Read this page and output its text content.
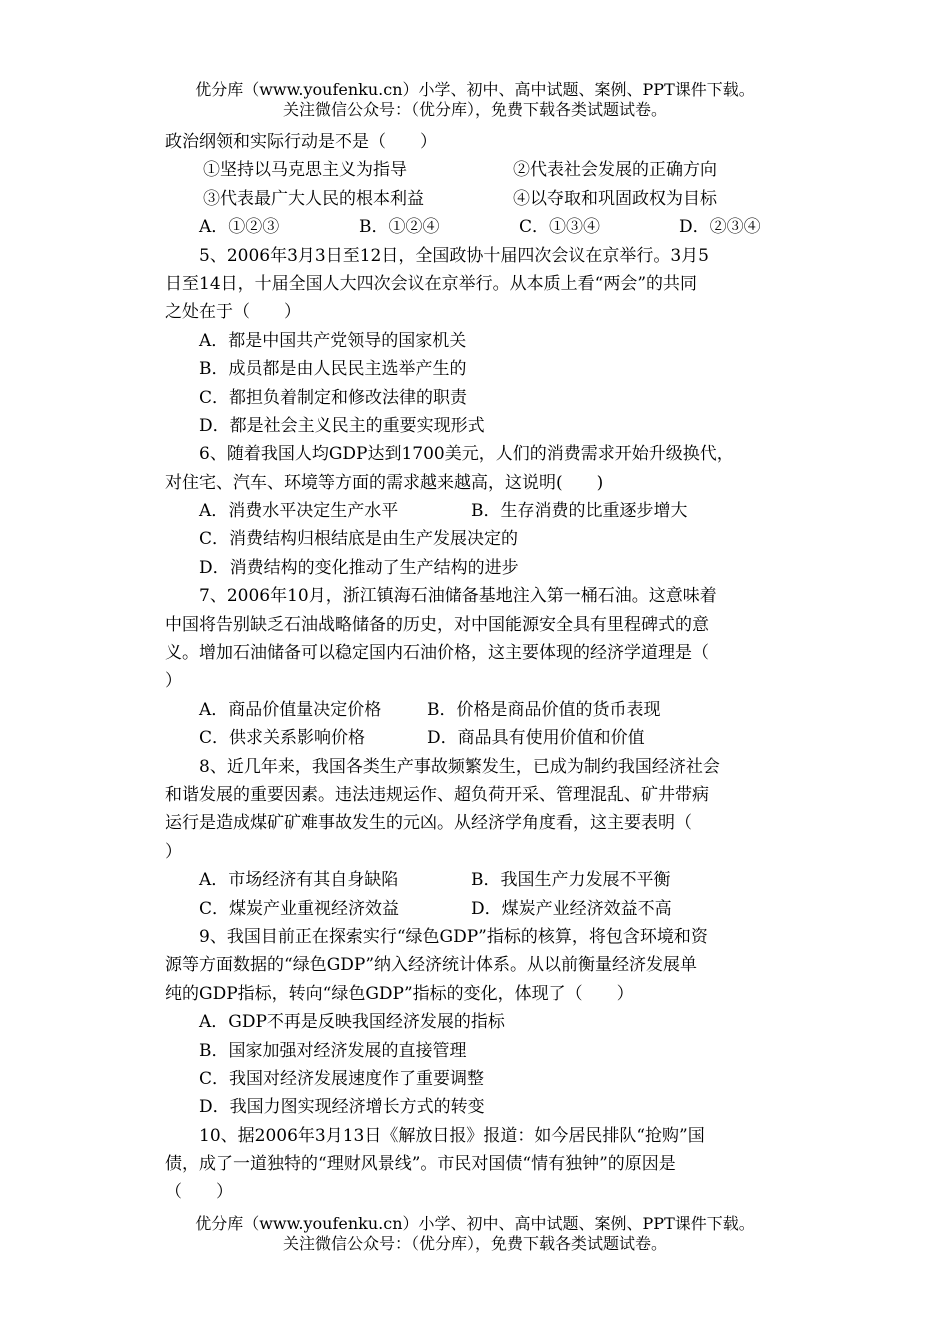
优分库（www.youfenku.cn）小学、初中、高中试题、案例、PPT课件下载。
关注微信公众号：（优分库），免费下载各类试题试卷。
政治纲领和实际行动是不是（　　）
①坚持以马克思主义为指导	②代表社会发展的正确方向
③代表最广大人民的根本利益	④以夺取和巩固政权为目标
A．①②③	B．①②④	C．①③④	D．②③④
5、2006年3月3日至12日，全国政协十届四次会议在京举行。3月5
日至14日，十届全国人大四次会议在京举行。从本质上看“两会”的共同
之处在于（　　）
A．都是中国共产党领导的国家机关
B．成员都是由人民民主选举产生的
C．都担负着制定和修改法律的职责
D．都是社会主义民主的重要实现形式
6、随着我国人均GDP达到1700美元，人们的消费需求开始升级换代，
对住宅、汽车、环境等方面的需求越来越高，这说明(　　)
A．消费水平决定生产水平	B．生存消费的比重逐步增大
C．消费结构归根结底是由生产发展决定的
D．消费结构的变化推动了生产结构的进步
7、2006年10月，浙江镇海石油储备基地注入第一桶石油。这意味着
中国将告别缺乏石油战略储备的历史，对中国能源安全具有里程碑式的意
义。增加石油储备可以稳定国内石油价格，这主要体现的经济学道理是（
）
A．商品价值量决定价格	B．价格是商品价值的货币表现
C．供求关系影响价格	D．商品具有使用价值和价值
8、近几年来，我国各类生产事故频繁发生，已成为制约我国经济社会
和谐发展的重要因素。违法违规运作、超负荷开采、管理混乱、矿井带病
运行是造成煤矿矿难事故发生的元凶。从经济学角度看，这主要表明（
）
A．市场经济有其自身缺陷	B．我国生产力发展不平衡
C．煤炭产业重视经济效益	D．煤炭产业经济效益不高
9、我国目前正在探索实行“绿色GDP”指标的核算，将包含环境和资
源等方面数据的“绿色GDP”纳入经济统计体系。从以前衡量经济发展单
纯的GDP指标，转向“绿色GDP”指标的变化，体现了（　　）
A．GDP不再是反映我国经济发展的指标
B．国家加强对经济发展的直接管理
C．我国对经济发展速度作了重要调整
D．我国力图实现经济增长方式的转变
10、据2006年3月13日《解放日报》报道：如今居民排队“抢购”国
债，成了一道独特的“理财风景线”。市民对国债“情有独钟”的原因是
（　　）
优分库（www.youfenku.cn）小学、初中、高中试题、案例、PPT课件下载。
关注微信公众号：（优分库），免费下载各类试题试卷。
